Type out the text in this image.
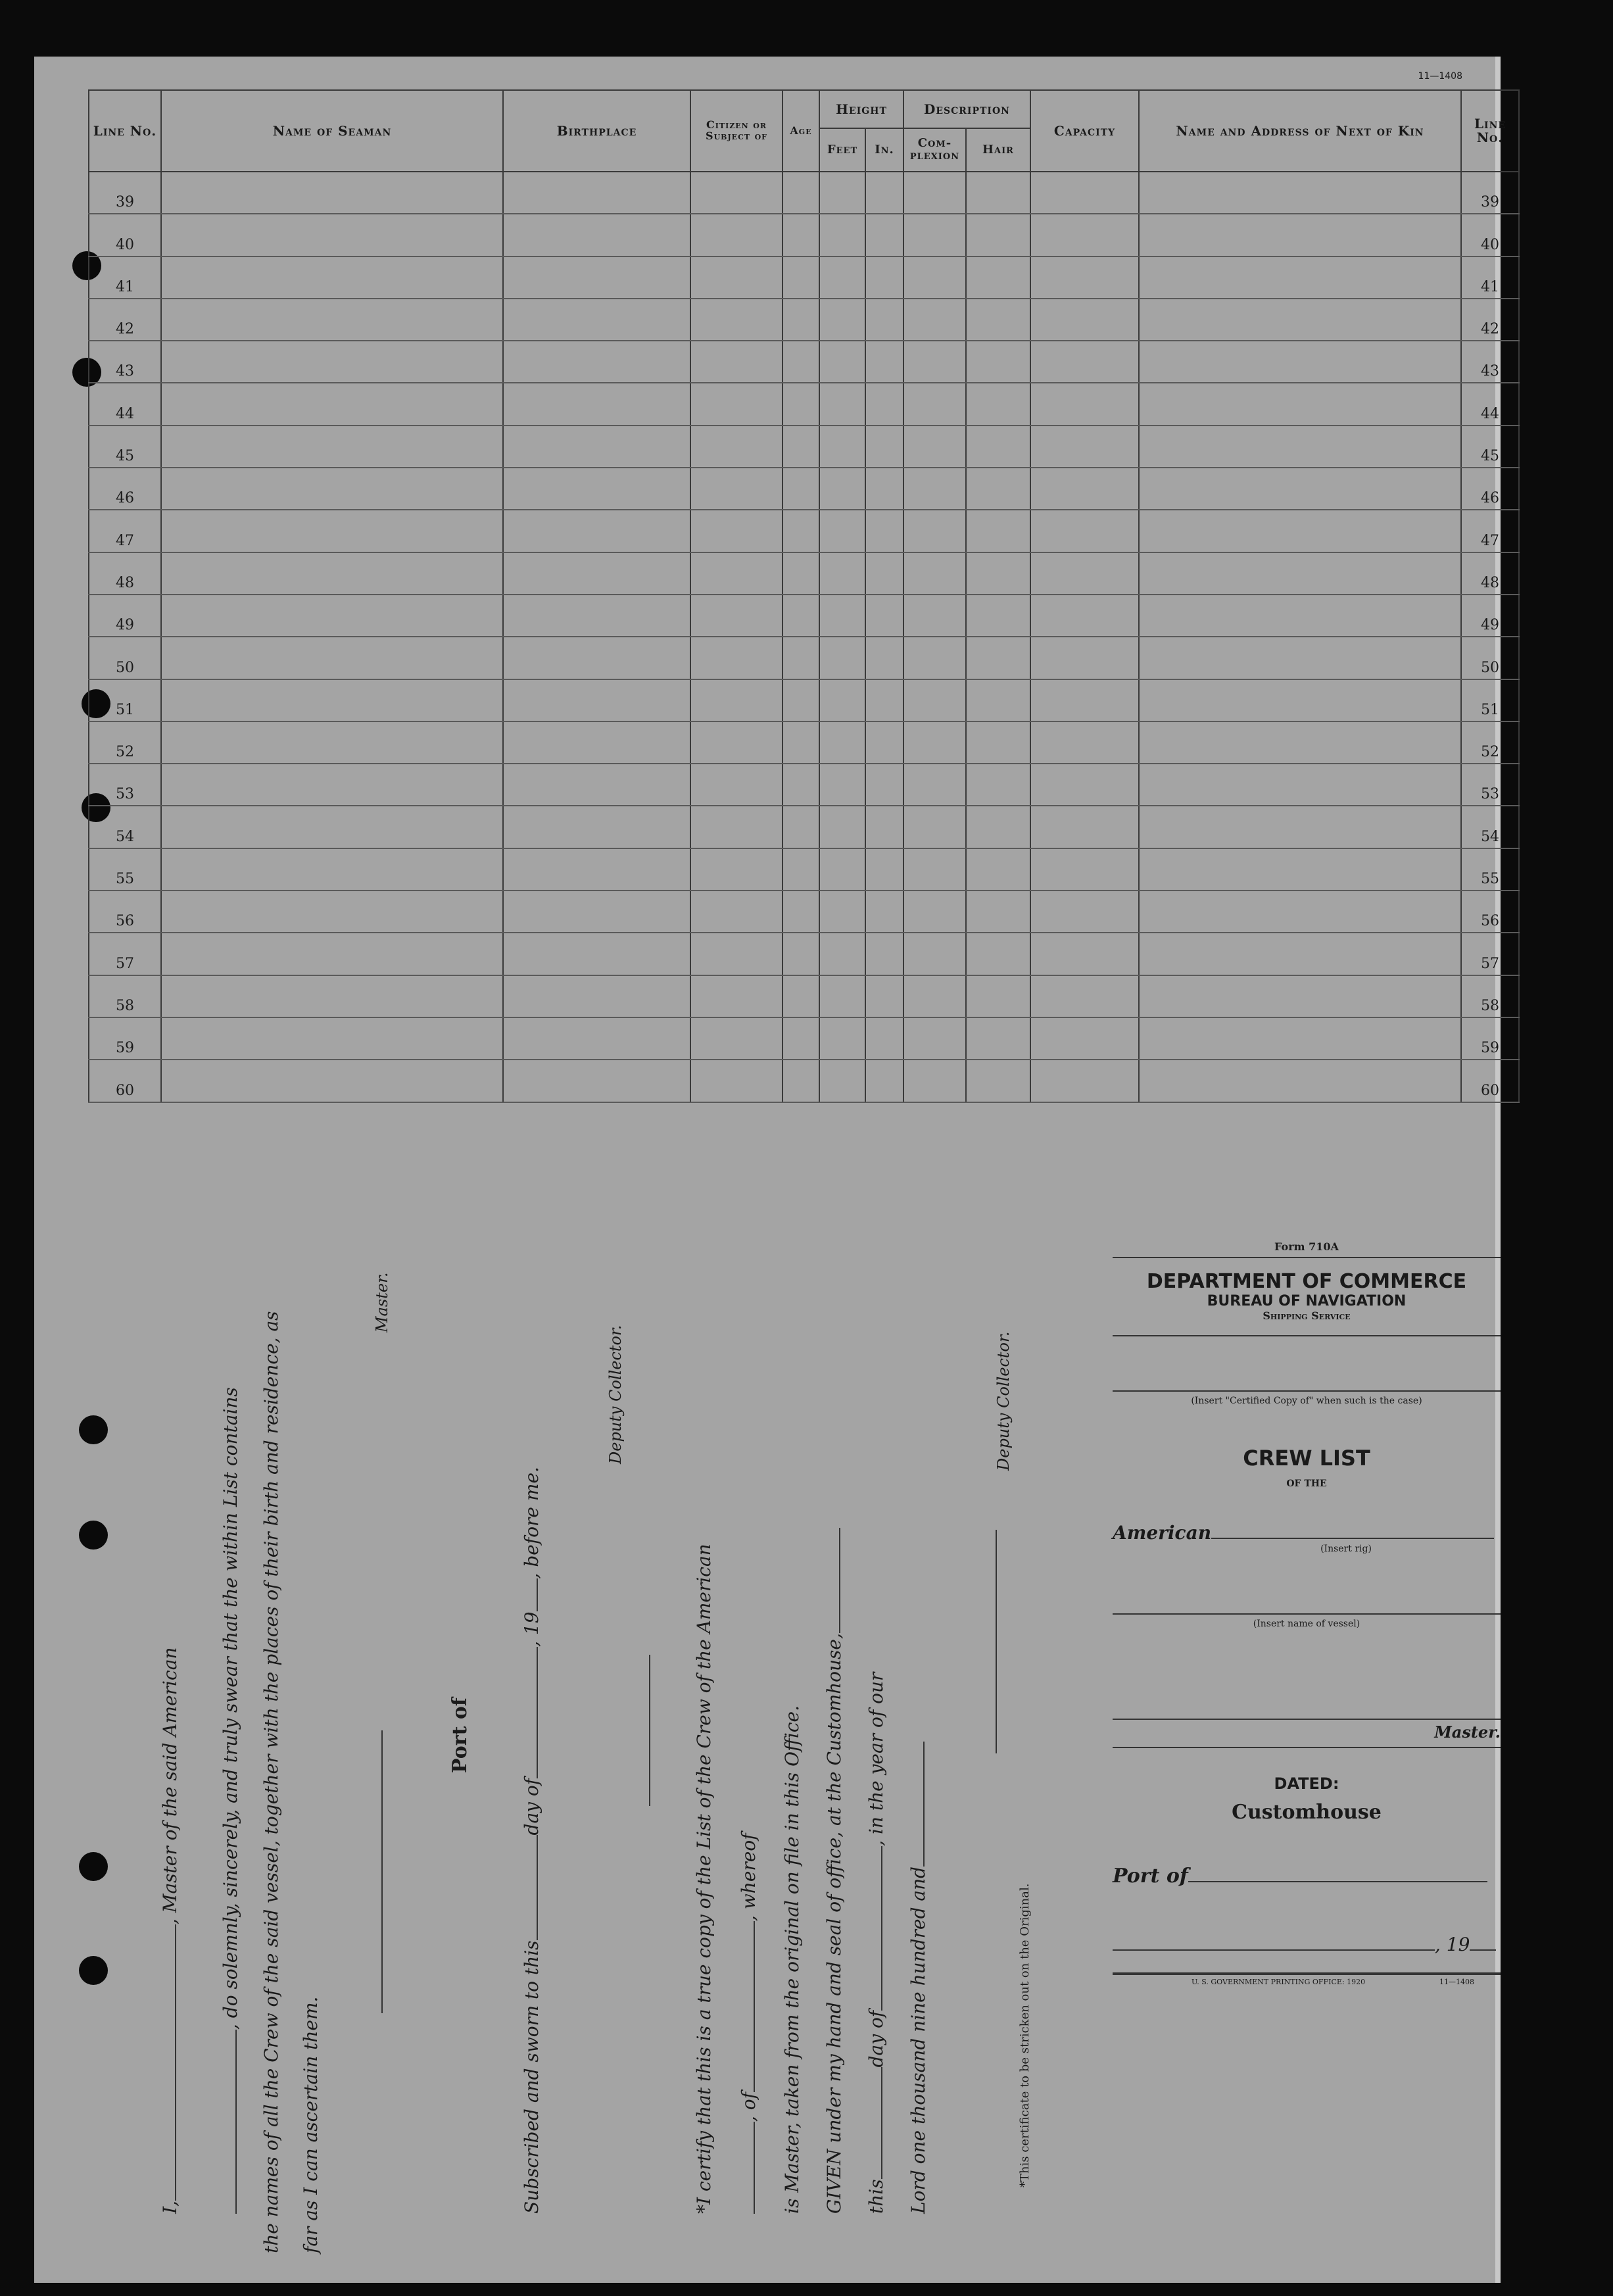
11—1408
Line No.	Name of Seaman	Birthplace	Citizen or Subject of	Age	Height		Description		Capacity	Name and Address of Next of Kin	Line No.
					Feet	In.	Com-plexion	Hair			
39											39
40											40
41											41
42											42
43											43
44											44
45											45
46											46
47											47
48											48
49											49
50											50
51											51
52											52
53											53
54											54
55											55
56											56
57											57
58											58
59											59
60											60
I,, Master of the said American , do solemnly, sincerely, and truly swear that the within List contains the names of all the Crew of the said vessel, together with the places of their birth and residence, as far as I can ascertain them.
Master.
Port of
Subscribed and sworn to thisday of, 19, before me.
Deputy Collector.
*I certify that this is a true copy of the List of the Crew of the American , of, whereof is Master, taken from the original on file in this Office. GIVEN under my hand and seal of office, at the Customhouse, thisday of, in the year of our
Lord one thousand nine hundred and
Deputy Collector.
*This certificate to be stricken out on the Original.
Form 710A
DEPARTMENT OF COMMERCE
BUREAU OF NAVIGATION
Shipping Service
(Insert "Certified Copy of" when such is the case)
CREW LIST
OF THE
American
(Insert rig)
(Insert name of vessel)
Master.
DATED:
Customhouse
Port of
, 19
U. S. GOVERNMENT PRINTING OFFICE: 1920	11—1408
